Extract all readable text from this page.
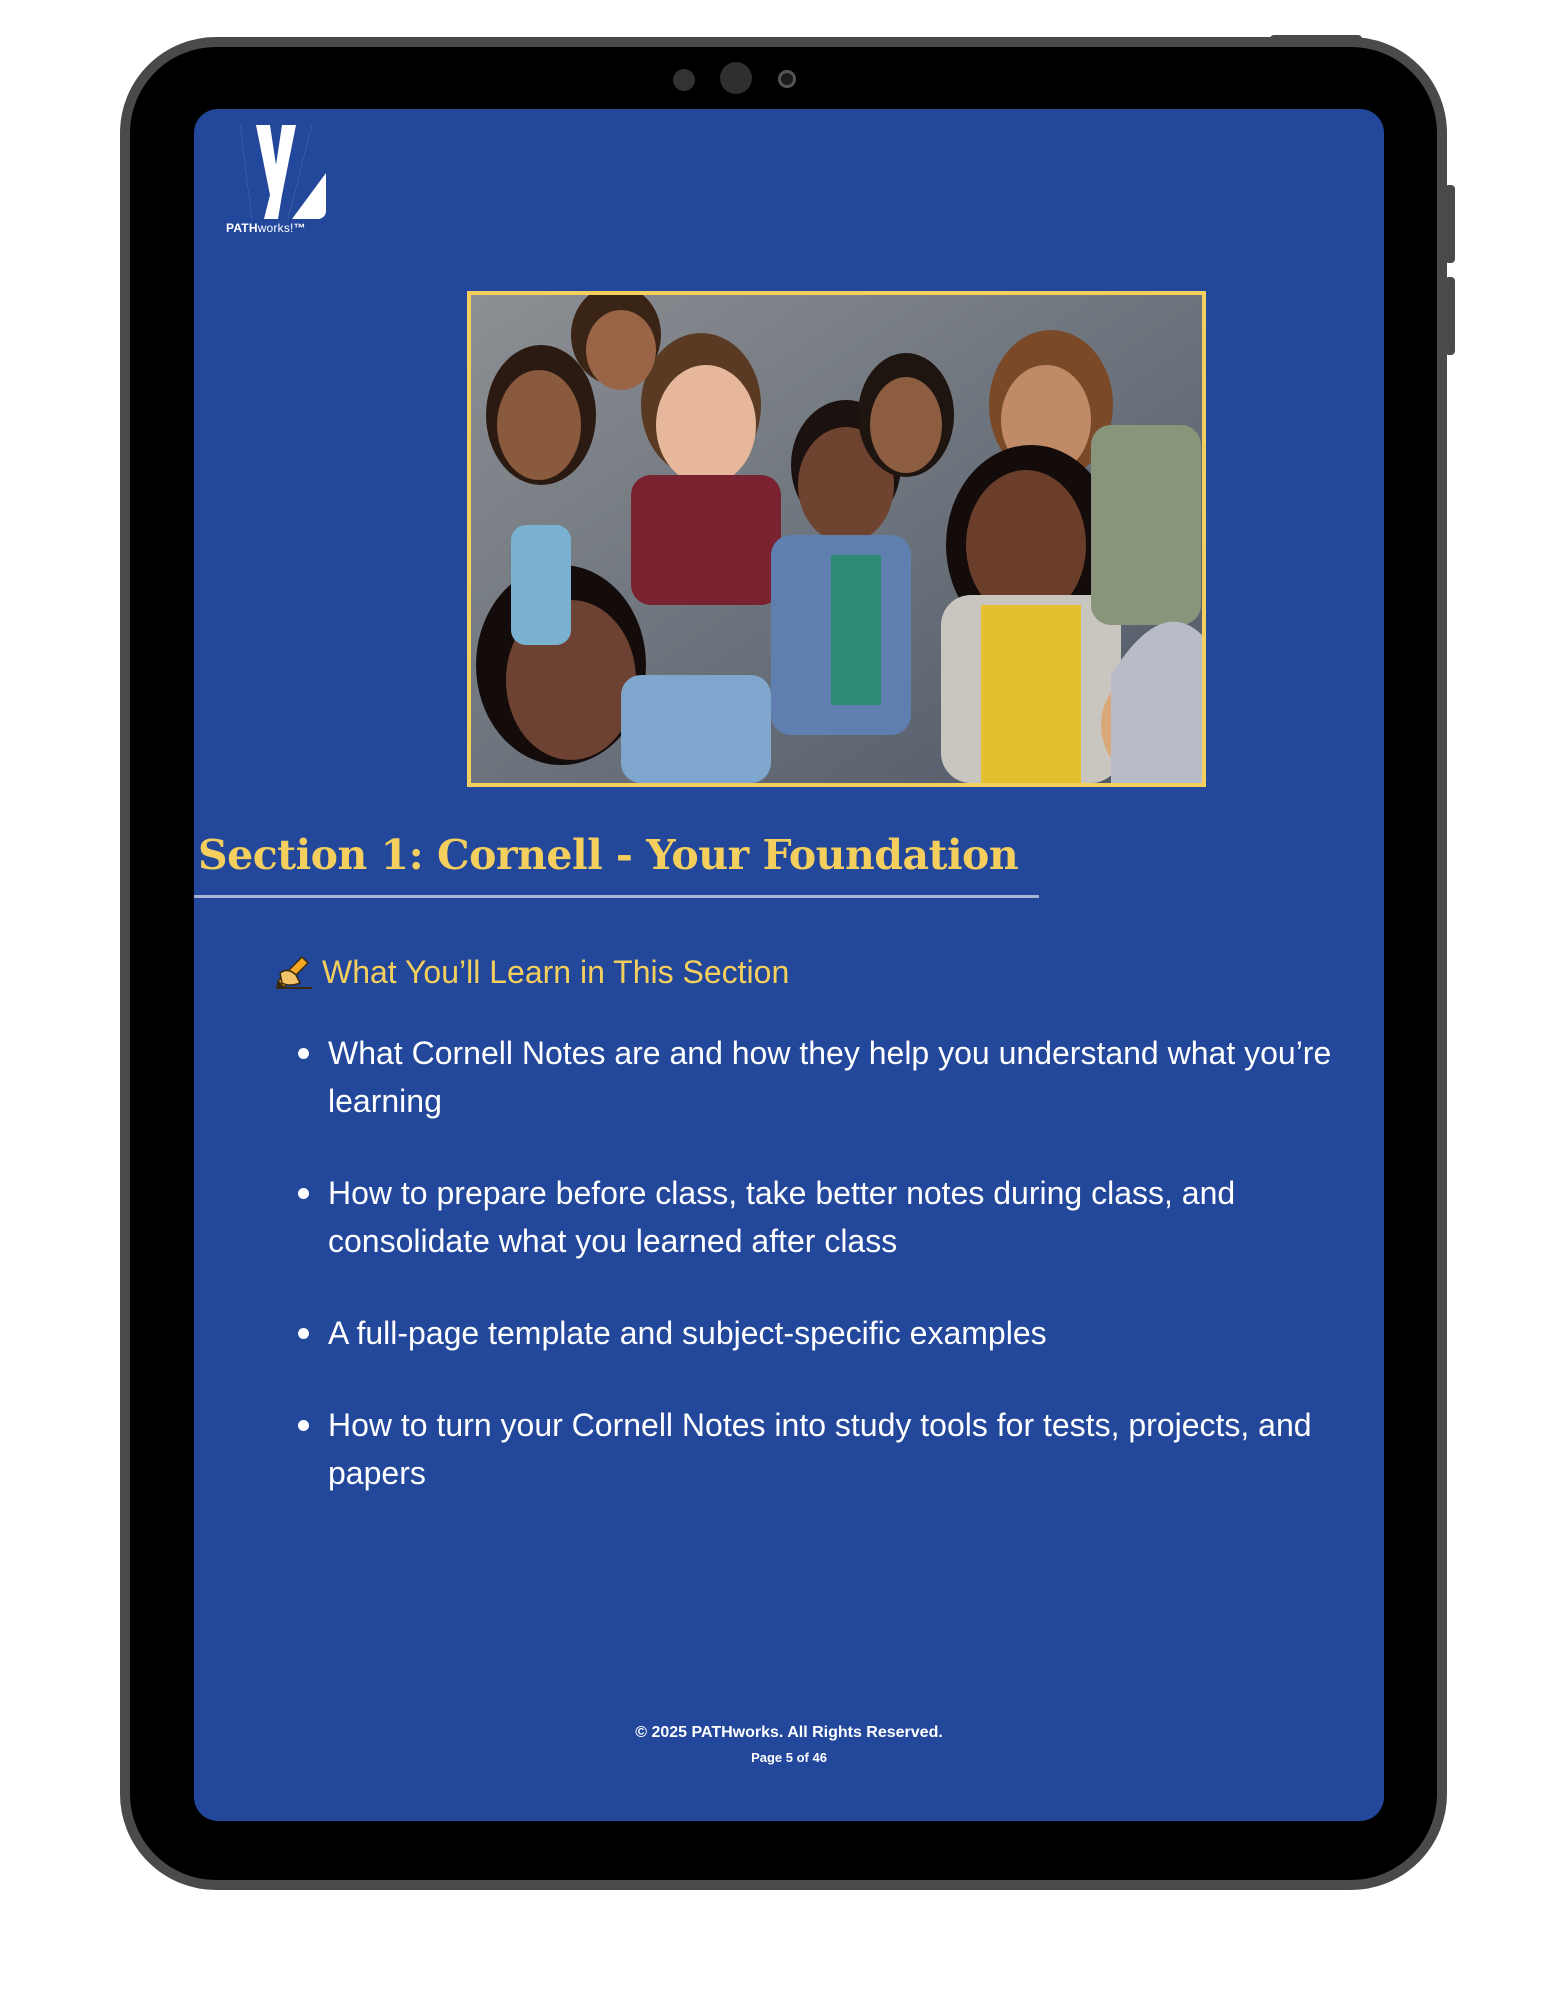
PATHworks!™
Section 1: Cornell - Your Foundation
What You’ll Learn in This Section
What Cornell Notes are and how they help you understand what you’re learning
How to prepare before class, take better notes during class, and consolidate what you learned after class
A full-page template and subject-specific examples
How to turn your Cornell Notes into study tools for tests, projects, and papers
© 2025 PATHworks. All Rights Reserved.
Page 5 of 46
